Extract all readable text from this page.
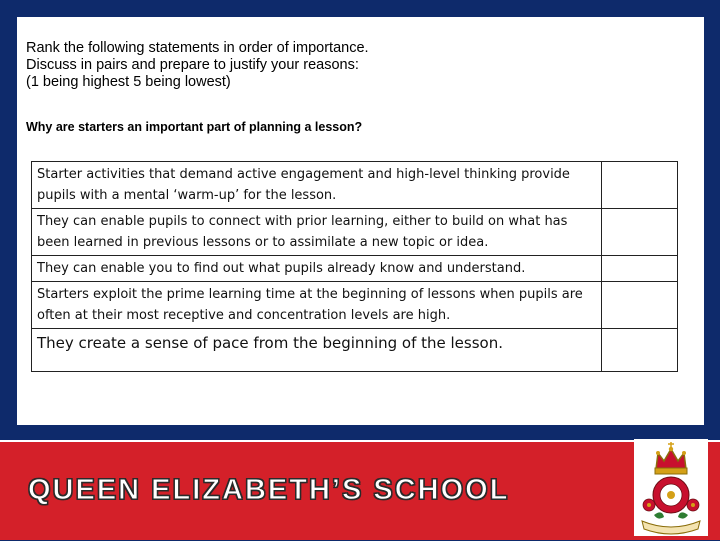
Rank the following statements in order of importance.
Discuss in pairs and prepare to justify your reasons:
(1 being highest 5 being lowest)
Why are starters an important part of planning a lesson?
Starter activities that demand active engagement and high-level thinking provide pupils with a mental ‘warm-up’ for the lesson.	
They can enable pupils to connect with prior learning, either to build on what has been learned in previous lessons or to assimilate a new topic or idea.	
They can enable you to find out what pupils already know and understand.	
Starters exploit the prime learning time at the beginning of lessons when pupils are often at their most receptive and concentration levels are high.	
They create a sense of pace from the beginning of the lesson.	
QUEEN ELIZABETH’S SCHOOL
